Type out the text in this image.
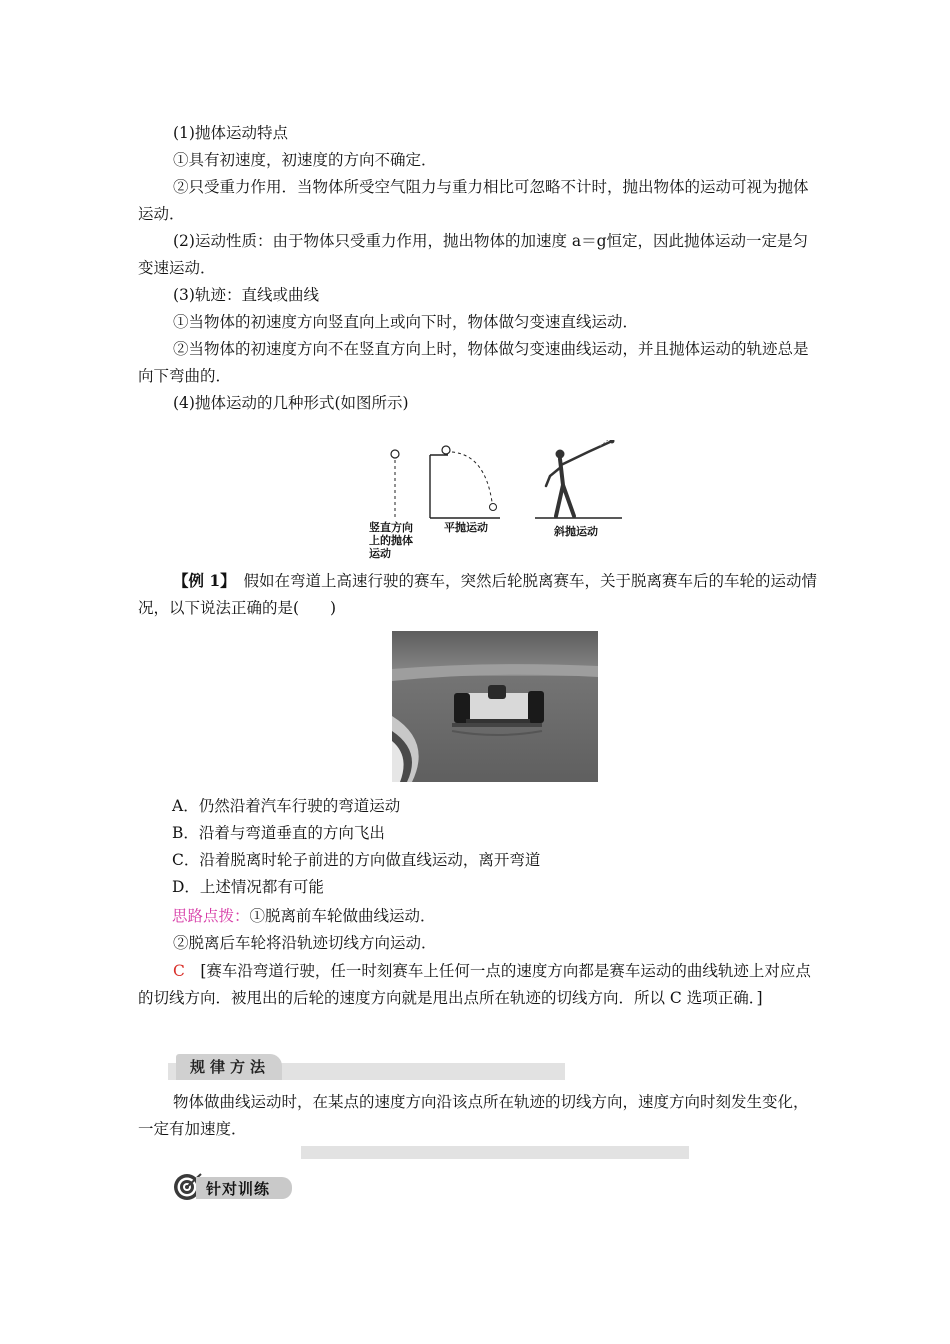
(1)抛体运动特点

①具有初速度，初速度的方向不确定．

②只受重力作用．当物体所受空气阻力与重力相比可忽略不计时，抛出物体的运动可视为抛体运动．

(2)运动性质：由于物体只受重力作用，抛出物体的加速度 a＝g恒定，因此抛体运动一定是匀变速运动．

(3)轨迹：直线或曲线

①当物体的初速度方向竖直向上或向下时，物体做匀变速直线运动．

②当物体的初速度方向不在竖直方向上时，物体做匀变速曲线运动，并且抛体运动的轨迹总是向下弯曲的．

(4)抛体运动的几种形式(如图所示)

竖直方向
上的抛体
运动
平抛运动	斜抛运动

【例 1】　 假如在弯道上高速行驶的赛车，突然后轮脱离赛车，关于脱离赛车后的车轮的运动情况，以下说法正确的是(　　)

A．仍然沿着汽车行驶的弯道运动

B．沿着与弯道垂直的方向飞出

C．沿着脱离时轮子前进的方向做直线运动，离开弯道

D．上述情况都有可能

思路点拨：①脱离前车轮做曲线运动．

②脱离后车轮将沿轨迹切线方向运动．

C　[赛车沿弯道行驶，任一时刻赛车上任何一点的速度方向都是赛车运动的曲线轨迹上对应点的切线方向．被甩出的后轮的速度方向就是甩出点所在轨迹的切线方向．所以 C 选项正确．]

规律方法

物体做曲线运动时，在某点的速度方向沿该点所在轨迹的切线方向，速度方向时刻发生变化，一定有加速度．

针对训练
